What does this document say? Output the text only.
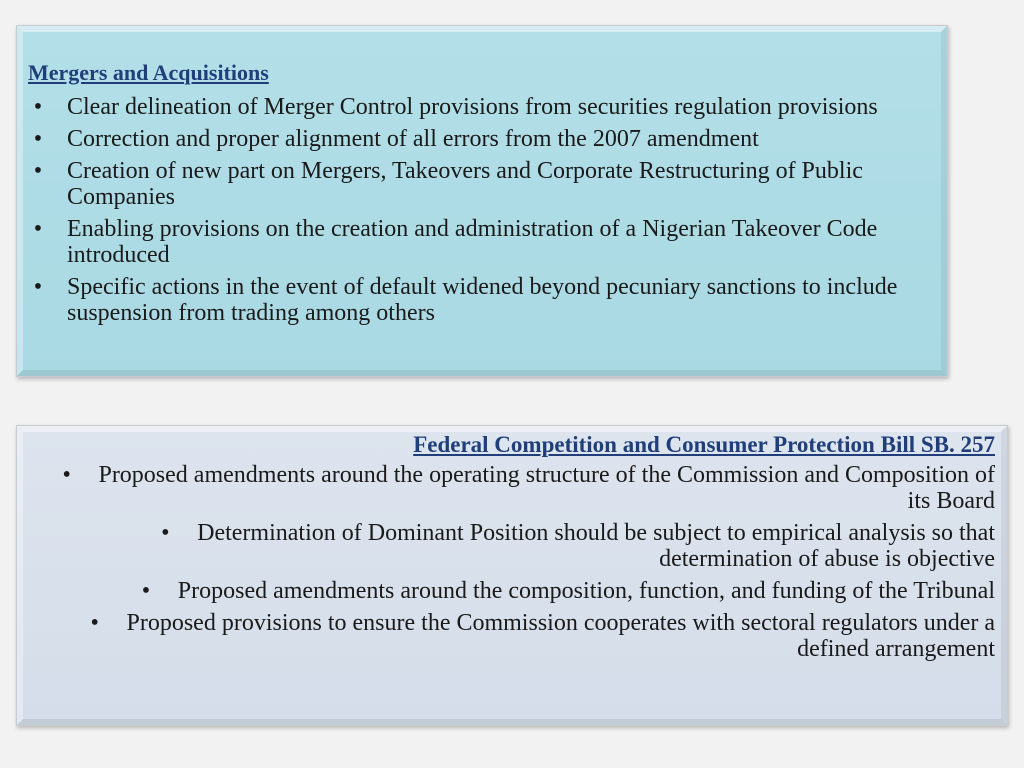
Mergers and Acquisitions
• Clear delineation of Merger Control provisions from securities regulation provisions
• Correction and proper alignment of all errors from the 2007 amendment
• Creation of new part on Mergers, Takeovers and Corporate Restructuring of Public Companies
• Enabling provisions on the creation and administration of a Nigerian Takeover Code introduced
• Specific actions in the event of default widened beyond pecuniary sanctions to include suspension from trading among others
Federal Competition and Consumer Protection Bill SB. 257
• Proposed amendments around the operating structure of the Commission and Composition of its Board
• Determination of Dominant Position should be subject to empirical analysis so that determination of abuse is objective
• Proposed amendments around the composition, function, and funding of the Tribunal
• Proposed provisions to ensure the Commission cooperates with sectoral regulators under a defined arrangement
